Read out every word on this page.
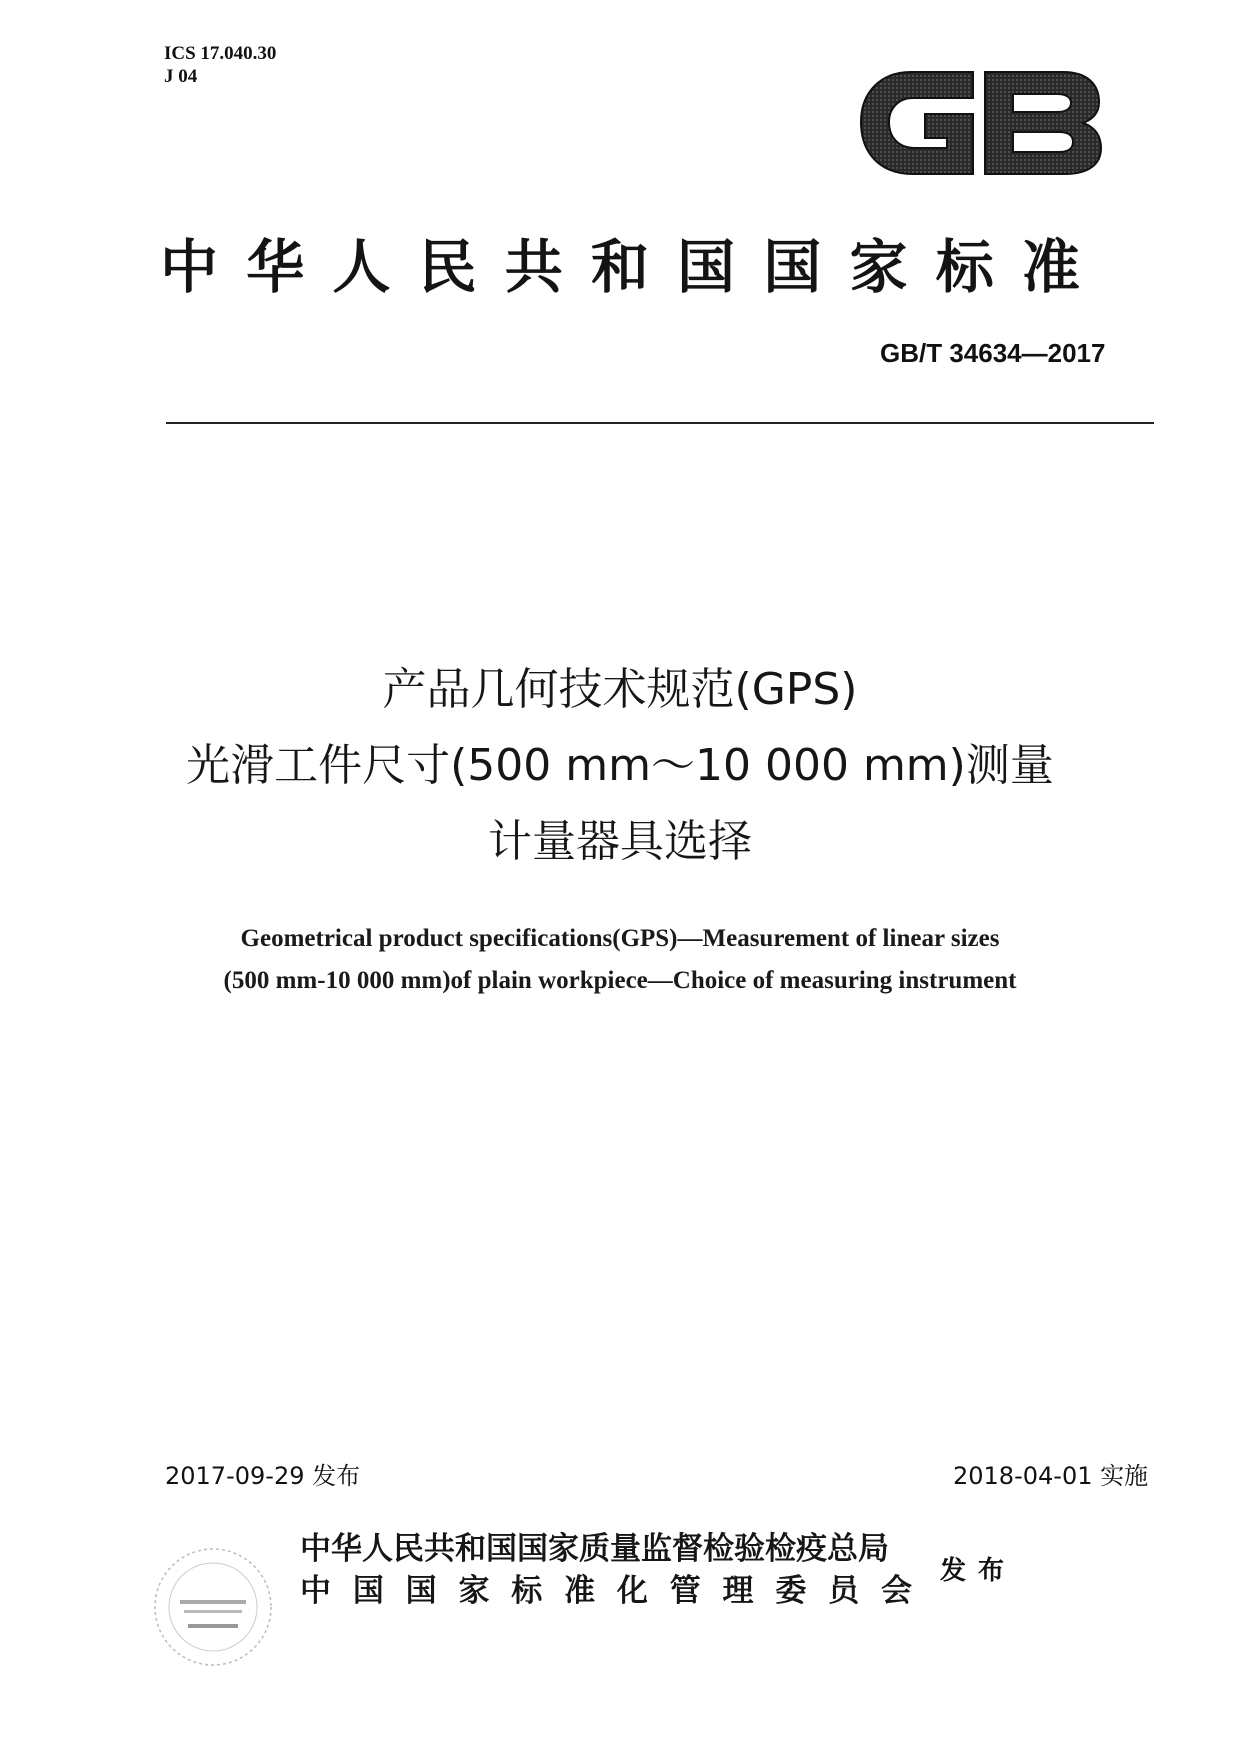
ICS 17.040.30
J 04
中 华 人 民 共 和 国 国 家 标 准
GB/T 34634—2017
产品几何技术规范(GPS)
光滑工件尺寸(500 mm～10 000 mm)测量
计量器具选择
Geometrical product specifications(GPS)—Measurement of linear sizes
(500 mm-10 000 mm)of plain workpiece—Choice of measuring instrument
2017-09-29 发布	2018-04-01 实施
中华人民共和国国家质量监督检验检疫总局
中 国 国 家 标 准 化 管 理 委 员 会
发布
